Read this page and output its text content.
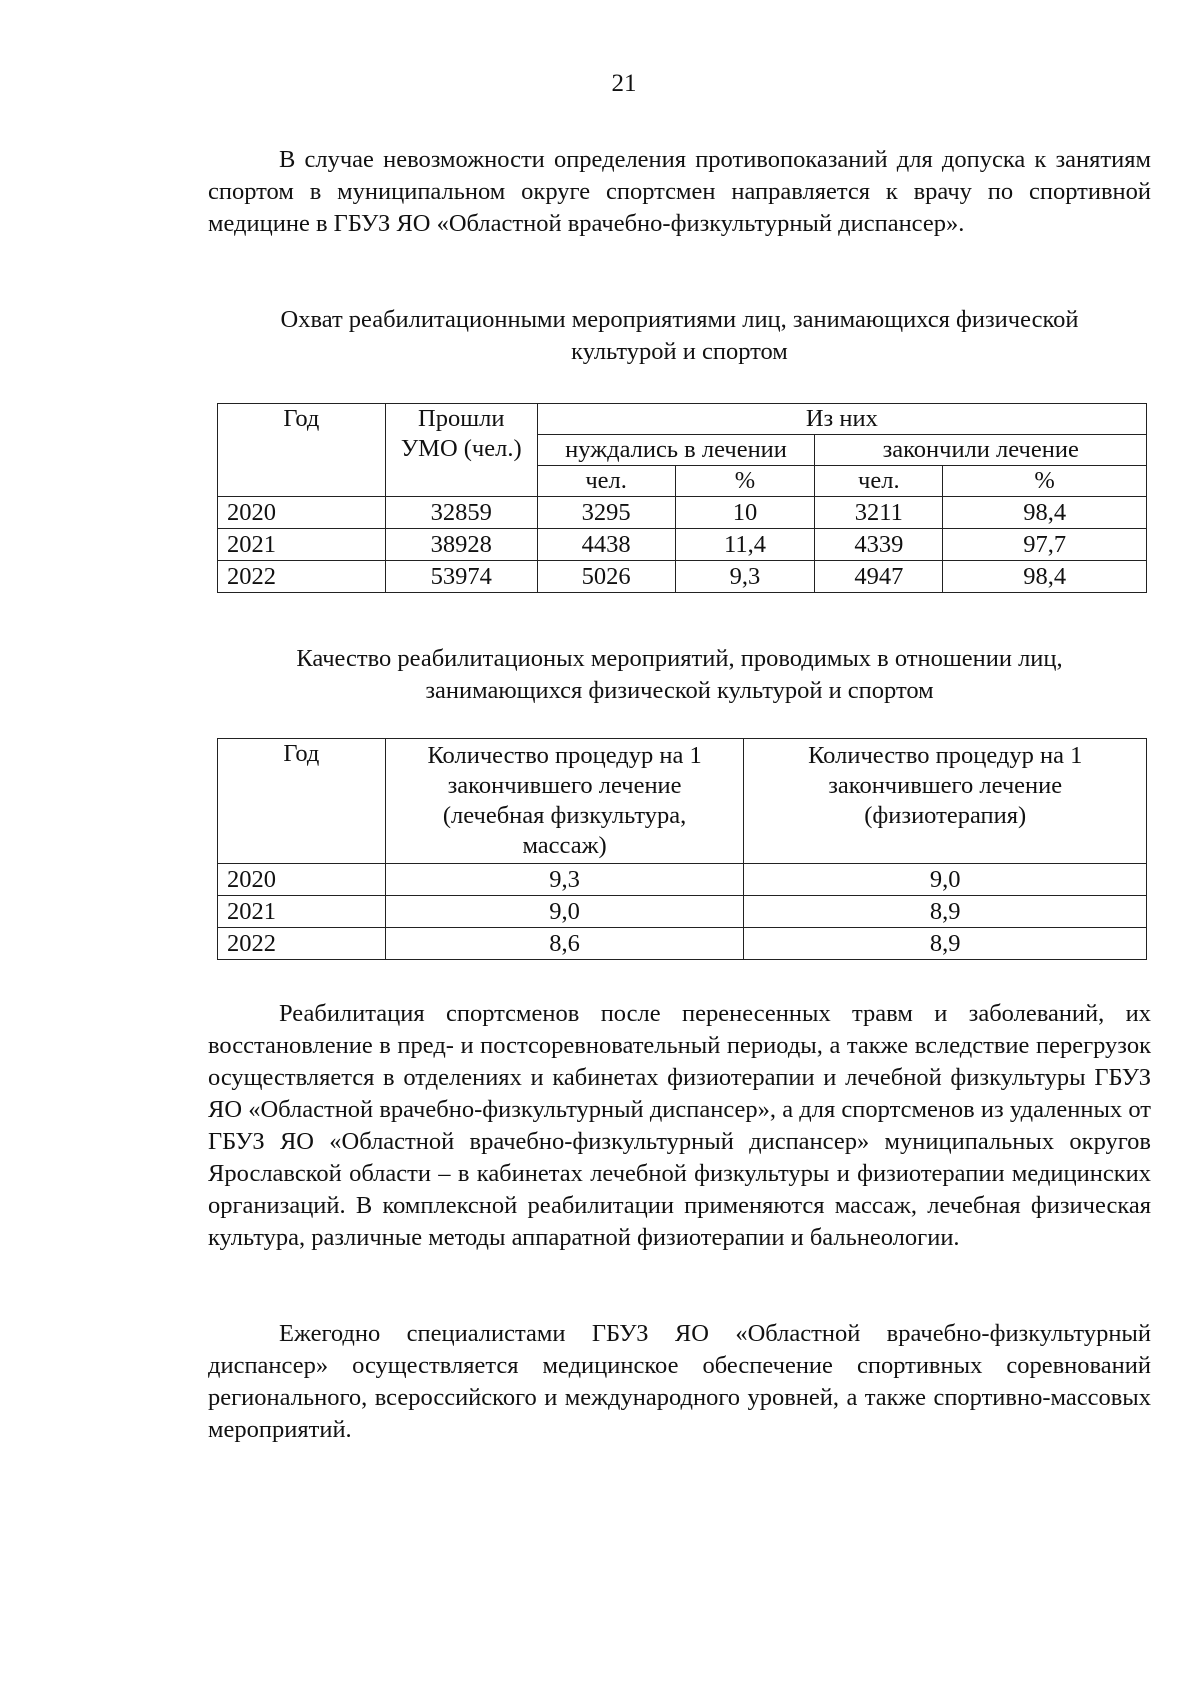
21

В случае невозможности определения противопоказаний для допуска к занятиям спортом в муниципальном округе спортсмен направляется к врачу по спортивной медицине в ГБУЗ ЯО «Областной врачебно-физкультурный диспансер».

Охват реабилитационными мероприятиями лиц, занимающихся физической
культурой и спортом
Год	Прошли УМО (чел.)	Из них			
		нуждались в лечении		закончили лечение	
		чел.	%	чел.	%
2020	32859	3295	10	3211	98,4
2021	38928	4438	11,4	4339	97,7
2022	53974	5026	9,3	4947	98,4
Качество реабилитационых мероприятий, проводимых в отношении лиц,
занимающихся физической культурой и спортом
Год	Количество процедур на 1 закончившего лечение (лечебная физкультура, массаж)	Количество процедур на 1 закончившего лечение (физиотерапия)
2020	9,3	9,0
2021	9,0	8,9
2022	8,6	8,9

Реабилитация спортсменов после перенесенных травм и заболеваний, их восстановление в пред- и постсоревновательный периоды, а также вследствие перегрузок осуществляется в отделениях и кабинетах физиотерапии и лечебной физкультуры ГБУЗ ЯО «Областной врачебно-физкультурный диспансер», а для спортсменов из удаленных от ГБУЗ ЯО «Областной врачебно-физкультурный диспансер» муниципальных округов Ярославской области – в кабинетах лечебной физкультуры и физиотерапии медицинских организаций. В комплексной реабилитации применяются массаж, лечебная физическая культура, различные методы аппаратной физиотерапии и бальнеологии.

Ежегодно специалистами ГБУЗ ЯО «Областной врачебно-физкультурный диспансер» осуществляется медицинское обеспечение спортивных соревнований регионального, всероссийского и международного уровней, а также спортивно-массовых мероприятий.
